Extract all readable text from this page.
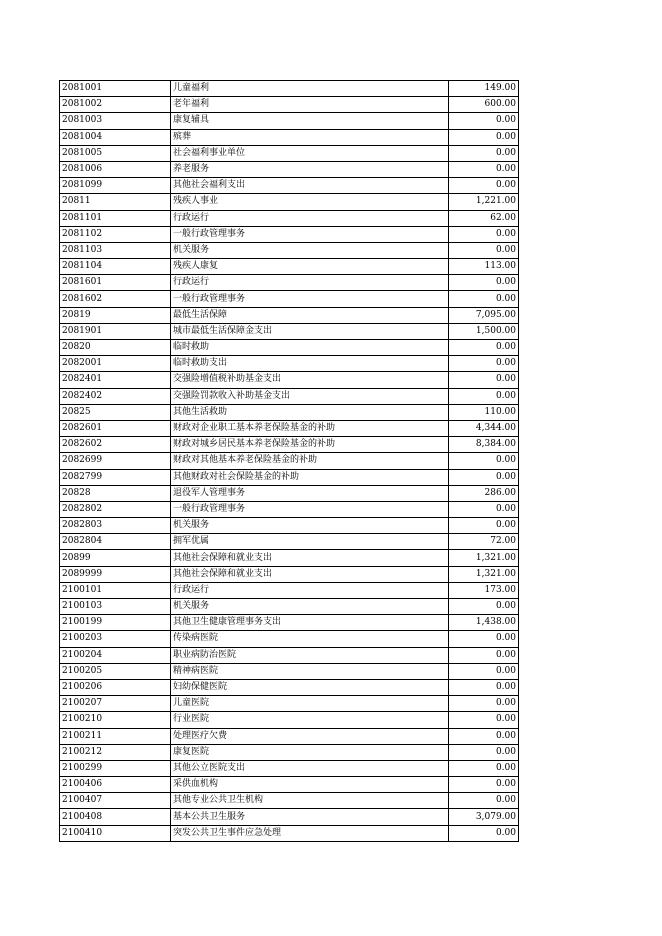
2081001	儿童福利	149.00
2081002	老年福利	600.00
2081003	康复辅具	0.00
2081004	殡葬	0.00
2081005	社会福利事业单位	0.00
2081006	养老服务	0.00
2081099	其他社会福利支出	0.00
20811	残疾人事业	1,221.00
2081101	行政运行	62.00
2081102	一般行政管理事务	0.00
2081103	机关服务	0.00
2081104	残疾人康复	113.00
2081601	行政运行	0.00
2081602	一般行政管理事务	0.00
20819	最低生活保障	7,095.00
2081901	城市最低生活保障金支出	1,500.00
20820	临时救助	0.00
2082001	临时救助支出	0.00
2082401	交强险增值税补助基金支出	0.00
2082402	交强险罚款收入补助基金支出	0.00
20825	其他生活救助	110.00
2082601	财政对企业职工基本养老保险基金的补助	4,344.00
2082602	财政对城乡居民基本养老保险基金的补助	8,384.00
2082699	财政对其他基本养老保险基金的补助	0.00
2082799	其他财政对社会保险基金的补助	0.00
20828	退役军人管理事务	286.00
2082802	一般行政管理事务	0.00
2082803	机关服务	0.00
2082804	拥军优属	72.00
20899	其他社会保障和就业支出	1,321.00
2089999	其他社会保障和就业支出	1,321.00
2100101	行政运行	173.00
2100103	机关服务	0.00
2100199	其他卫生健康管理事务支出	1,438.00
2100203	传染病医院	0.00
2100204	职业病防治医院	0.00
2100205	精神病医院	0.00
2100206	妇幼保健医院	0.00
2100207	儿童医院	0.00
2100210	行业医院	0.00
2100211	处理医疗欠费	0.00
2100212	康复医院	0.00
2100299	其他公立医院支出	0.00
2100406	采供血机构	0.00
2100407	其他专业公共卫生机构	0.00
2100408	基本公共卫生服务	3,079.00
2100410	突发公共卫生事件应急处理	0.00
